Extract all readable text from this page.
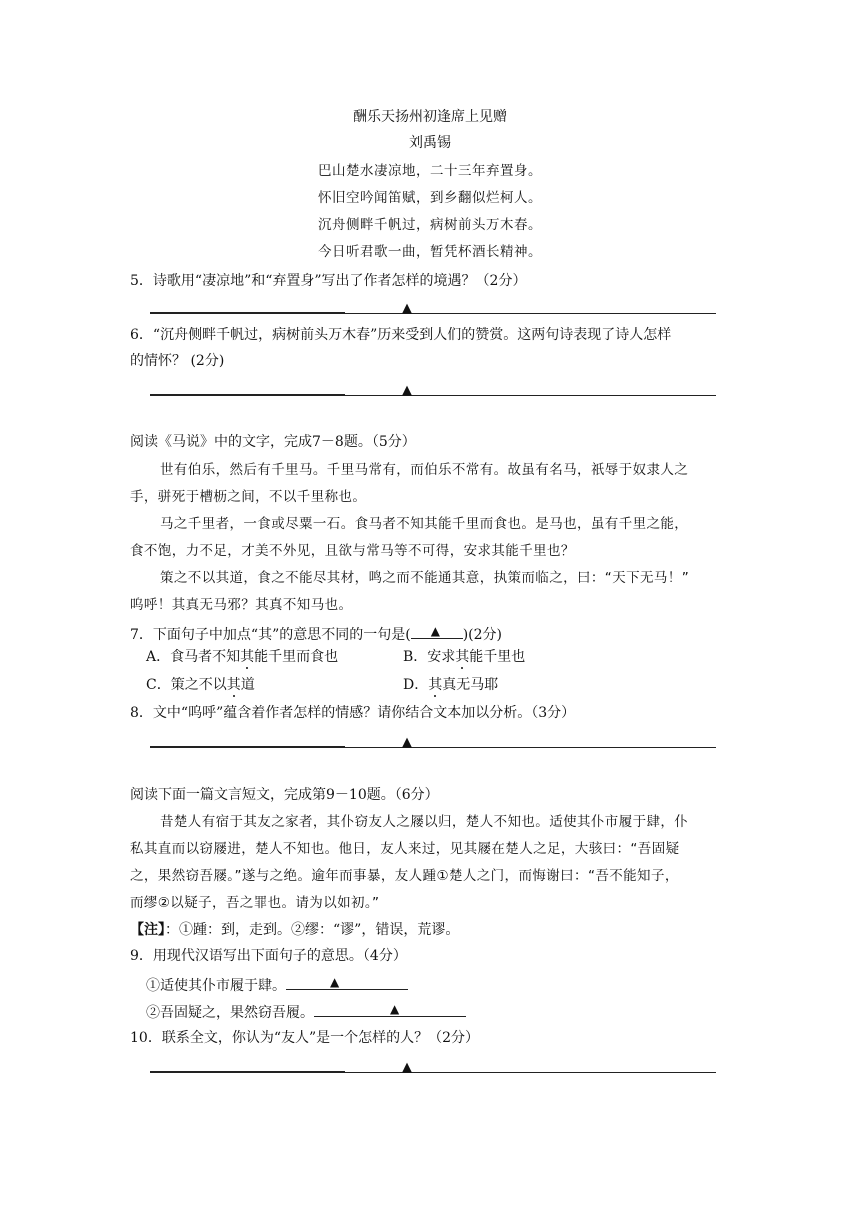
酬乐天扬州初逢席上见赠
刘禹锡
巴山楚水凄凉地，二十三年弃置身。
怀旧空吟闻笛赋，到乡翻似烂柯人。
沉舟侧畔千帆过，病树前头万木春。
今日听君歌一曲，暂凭杯酒长精神。
5．诗歌用“凄凉地”和“弃置身”写出了作者怎样的境遇？（2分）
▲
6．“沉舟侧畔千帆过，病树前头万木春”历来受到人们的赞赏。这两句诗表现了诗人怎样
的情怀？ (2分)
▲
阅读《马说》中的文字，完成7－8题。（5分）
世有伯乐，然后有千里马。千里马常有，而伯乐不常有。故虽有名马，祇辱于奴隶人之
手，骈死于槽枥之间，不以千里称也。
马之千里者，一食或尽粟一石。食马者不知其能千里而食也。是马也，虽有千里之能，
食不饱，力不足，才美不外见，且欲与常马等不可得，安求其能千里也？
策之不以其道，食之不能尽其材，鸣之而不能通其意，执策而临之，曰：“天下无马！”
呜呼！其真无马邪？其真不知马也。
7．下面句子中加点“其”的意思不同的一句是( ▲ )(2分)
A．食马者不知其能千里而食也	B．安求其能千里也
C．策之不以其道	D．其真无马耶
8．文中“呜呼”蕴含着作者怎样的情感？请你结合文本加以分析。（3分）
▲
阅读下面一篇文言短文，完成第9－10题。（6分）
昔楚人有宿于其友之家者，其仆窃友人之屦以归，楚人不知也。适使其仆市履于肆，仆
私其直而以窃屦进，楚人不知也。他日，友人来过，见其屦在楚人之足，大骇曰：“吾固疑
之，果然窃吾屦。”遂与之绝。逾年而事暴，友人踵①楚人之门，而悔谢曰：“吾不能知子，
而缪②以疑子，吾之罪也。请为以如初。”
【注】：①踵：到，走到。②缪：“谬”，错误，荒谬。
9．用现代汉语写出下面句子的意思。（4分）
①适使其仆市履于肆。	▲
②吾固疑之，果然窃吾履。	▲
10．联系全文，你认为“友人”是一个怎样的人？（2分）
▲
